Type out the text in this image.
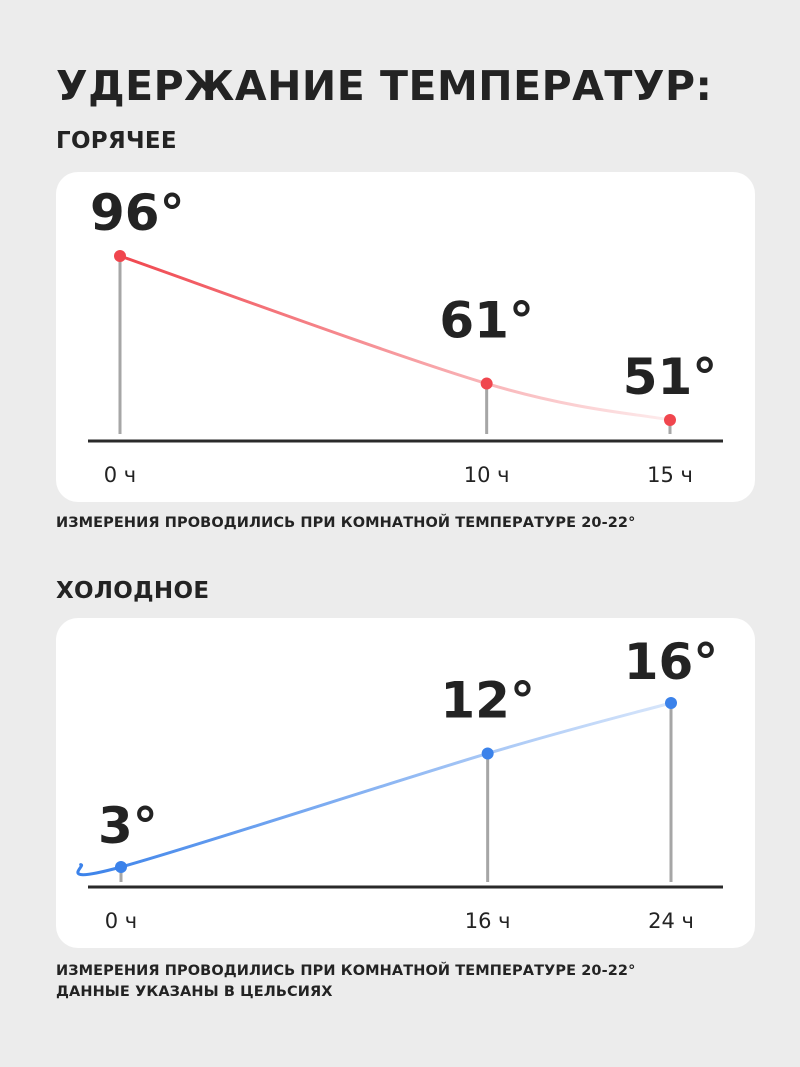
УДЕРЖАНИЕ ТЕМПЕРАТУР:
ГОРЯЧЕЕ
96°
0 ч
61°
10 ч
51°
15 ч
ИЗМЕРЕНИЯ ПРОВОДИЛИСЬ ПРИ КОМНАТНОЙ ТЕМПЕРАТУРЕ 20-22°
ХОЛОДНОЕ
3°
0 ч
12°
16 ч
16°
24 ч
ИЗМЕРЕНИЯ ПРОВОДИЛИСЬ ПРИ КОМНАТНОЙ ТЕМПЕРАТУРЕ 20-22°
ДАННЫЕ УКАЗАНЫ В ЦЕЛЬСИЯХ
